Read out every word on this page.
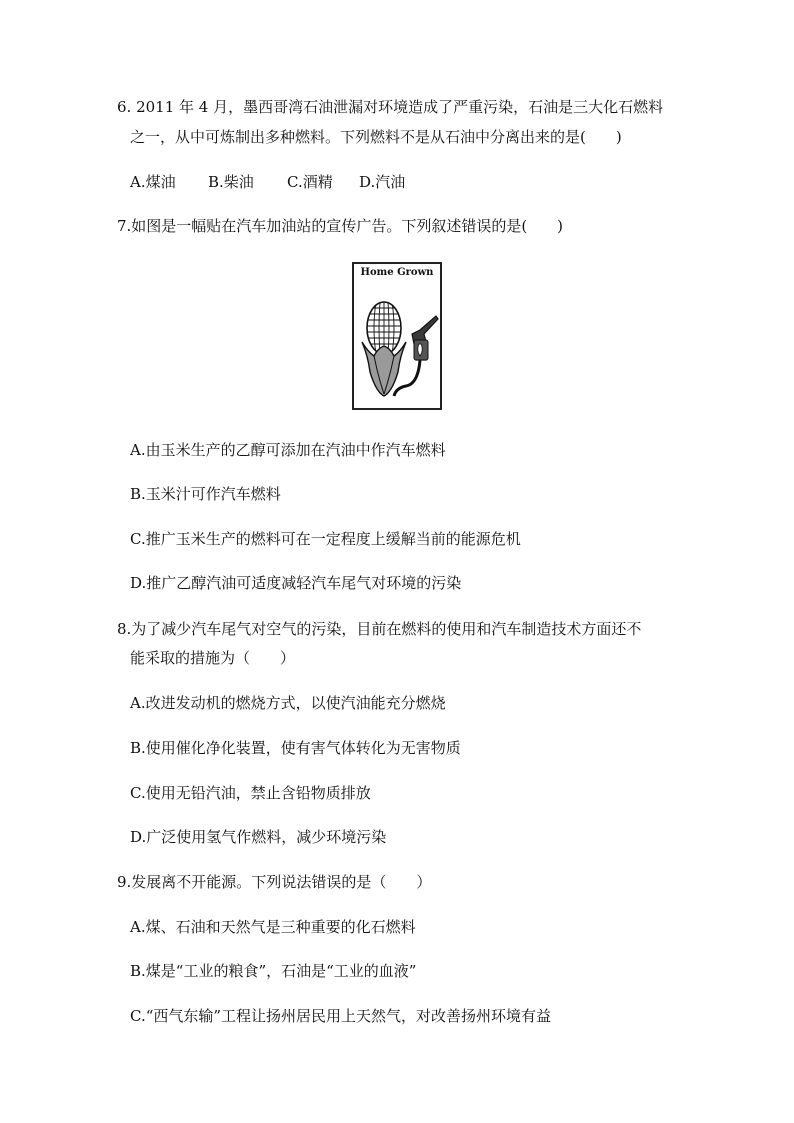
6. 2011 年 4 月，墨西哥湾石油泄漏对环境造成了严重污染，石油是三大化石燃料
之一，从中可炼制出多种燃料。下列燃料不是从石油中分离出来的是(　　)
A.煤油 B.柴油 C.酒精 D.汽油
7.如图是一幅贴在汽车加油站的宣传广告。下列叙述错误的是(　　)
Home Grown
A.由玉米生产的乙醇可添加在汽油中作汽车燃料
B.玉米汁可作汽车燃料
C.推广玉米生产的燃料可在一定程度上缓解当前的能源危机
D.推广乙醇汽油可适度减轻汽车尾气对环境的污染
8.为了减少汽车尾气对空气的污染，目前在燃料的使用和汽车制造技术方面还不
能采取的措施为（　　）
A.改进发动机的燃烧方式，以使汽油能充分燃烧
B.使用催化净化装置，使有害气体转化为无害物质
C.使用无铅汽油，禁止含铅物质排放
D.广泛使用氢气作燃料，减少环境污染
9.发展离不开能源。下列说法错误的是（　　）
A.煤、石油和天然气是三种重要的化石燃料
B.煤是“工业的粮食”，石油是“工业的血液”
C.“西气东输”工程让扬州居民用上天然气，对改善扬州环境有益
